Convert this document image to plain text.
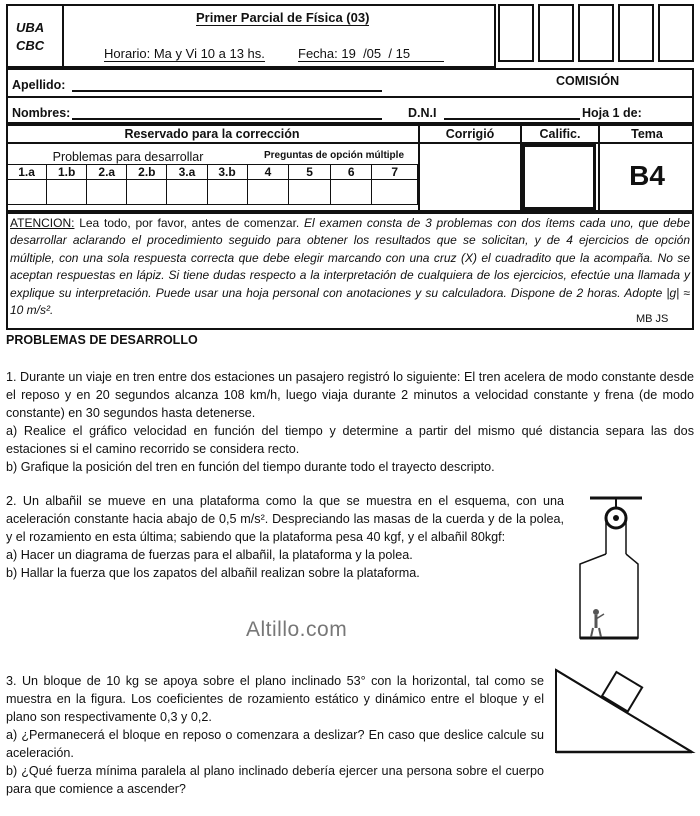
UBA
CBC
Primer Parcial de Física (03)
Horario: Ma y Vi 10 a 13 hs.	Fecha: 19 /05 / 15
Apellido:	COMISIÓN
Nombres:	D.N.I	Hoja 1 de:
Reservado para la corrección	Corrigió	Calific.	Tema
Problemas para desarrollar	Preguntas de opción múltiple
1.a	1.b	2.a	2.b	3.a	3.b	4	5	6	7
										B4
ATENCION: Lea todo, por favor, antes de comenzar. El examen consta de 3 problemas con dos ítems cada uno, que debe desarrollar aclarando el procedimiento seguido para obtener los resultados que se solicitan, y de 4 ejercicios de opción múltiple, con una sola respuesta correcta que debe elegir marcando con una cruz (X) el cuadradito que la acompaña. No se aceptan respuestas en lápiz. Si tiene dudas respecto a la interpretación de cualquiera de los ejercicios, efectúe una llamada y explique su interpretación. Puede usar una hoja personal con anotaciones y su calculadora. Dispone de 2 horas. Adopte |g| ≈ 10 m/s².
MB JS
PROBLEMAS DE DESARROLLO

1. Durante un viaje en tren entre dos estaciones un pasajero registró lo siguiente: El tren acelera de modo constante desde el reposo y en 20 segundos alcanza 108 km/h, luego viaja durante 2 minutos a velocidad constante y frena (de modo constante) en 30 segundos hasta detenerse.

a) Realice el gráfico velocidad en función del tiempo y determine a partir del mismo qué distancia separa las dos estaciones si el camino recorrido se considera recto.

b) Grafique la posición del tren en función del tiempo durante todo el trayecto descripto.

2. Un albañil se mueve en una plataforma como la que se muestra en el esquema, con una aceleración constante hacia abajo de 0,5 m/s². Despreciando las masas de la cuerda y de la polea, y el rozamiento en esta última; sabiendo que la plataforma pesa 40 kgf, y el albañil 80kgf:

a) Hacer un diagrama de fuerzas para el albañil, la plataforma y la polea.

b) Hallar la fuerza que los zapatos del albañil realizan sobre la plataforma.

Altillo.com

3. Un bloque de 10 kg se apoya sobre el plano inclinado 53° con la horizontal, tal como se muestra en la figura. Los coeficientes de rozamiento estático y dinámico entre el bloque y el plano son respectivamente 0,3 y 0,2.

a) ¿Permanecerá el bloque en reposo o comenzara a deslizar? En caso que deslice calcule su aceleración.

b) ¿Qué fuerza mínima paralela al plano inclinado debería ejercer una persona sobre el cuerpo para que comience a ascender?
